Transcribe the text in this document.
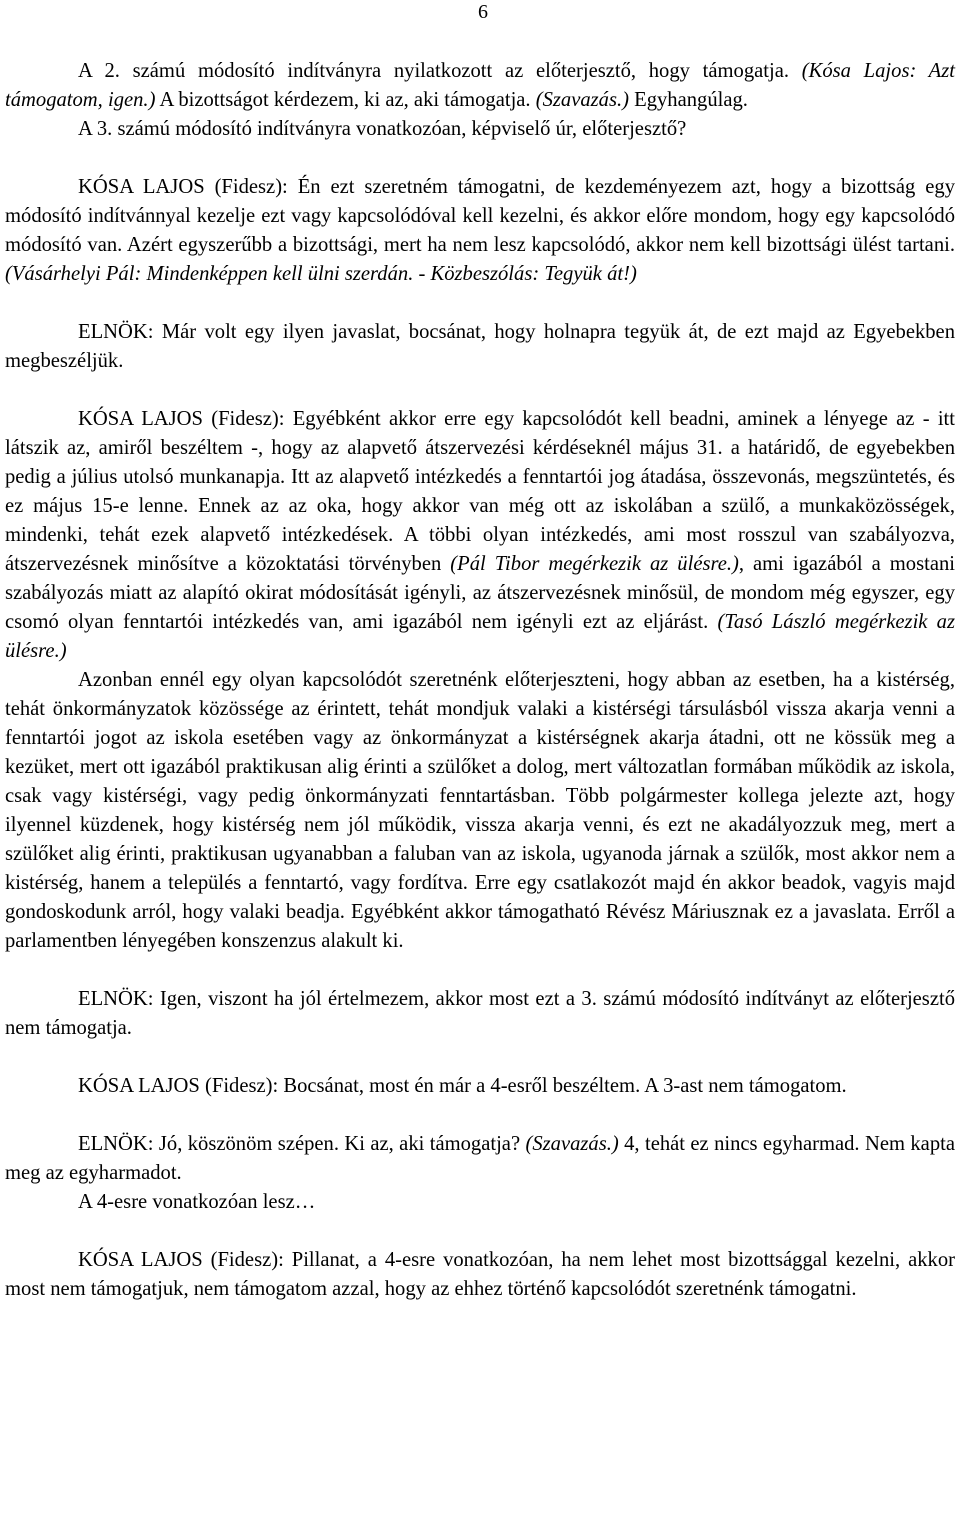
6

A 2. számú módosító indítványra nyilatkozott az előterjesztő, hogy támogatja. (Kósa Lajos: Azt támogatom, igen.) A bizottságot kérdezem, ki az, aki támogatja. (Szavazás.) Egyhangúlag.

A 3. számú módosító indítványra vonatkozóan, képviselő úr, előterjesztő?

KÓSA LAJOS (Fidesz): Én ezt szeretném támogatni, de kezdeményezem azt, hogy a bizottság egy módosító indítvánnyal kezelje ezt vagy kapcsolódóval kell kezelni, és akkor előre mondom, hogy egy kapcsolódó módosító van. Azért egyszerűbb a bizottsági, mert ha nem lesz kapcsolódó, akkor nem kell bizottsági ülést tartani. (Vásárhelyi Pál: Mindenképpen kell ülni szerdán. - Közbeszólás: Tegyük át!)

ELNÖK: Már volt egy ilyen javaslat, bocsánat, hogy holnapra tegyük át, de ezt majd az Egyebekben megbeszéljük.

KÓSA LAJOS (Fidesz): Egyébként akkor erre egy kapcsolódót kell beadni, aminek a lényege az - itt látszik az, amiről beszéltem -, hogy az alapvető átszervezési kérdéseknél május 31. a határidő, de egyebekben pedig a július utolsó munkanapja. Itt az alapvető intézkedés a fenntartói jog átadása, összevonás, megszüntetés, és ez május 15-e lenne. Ennek az az oka, hogy akkor van még ott az iskolában a szülő, a munkaközösségek, mindenki, tehát ezek alapvető intézkedések. A többi olyan intézkedés, ami most rosszul van szabályozva, átszervezésnek minősítve a közoktatási törvényben (Pál Tibor megérkezik az ülésre.), ami igazából a mostani szabályozás miatt az alapító okirat módosítását igényli, az átszervezésnek minősül, de mondom még egyszer, egy csomó olyan fenntartói intézkedés van, ami igazából nem igényli ezt az eljárást. (Tasó László megérkezik az ülésre.)

Azonban ennél egy olyan kapcsolódót szeretnénk előterjeszteni, hogy abban az esetben, ha a kistérség, tehát önkormányzatok közössége az érintett, tehát mondjuk valaki a kistérségi társulásból vissza akarja venni a fenntartói jogot az iskola esetében vagy az önkormányzat a kistérségnek akarja átadni, ott ne kössük meg a kezüket, mert ott igazából praktikusan alig érinti a szülőket a dolog, mert változatlan formában működik az iskola, csak vagy kistérségi, vagy pedig önkormányzati fenntartásban. Több polgármester kollega jelezte azt, hogy ilyennel küzdenek, hogy kistérség nem jól működik, vissza akarja venni, és ezt ne akadályozzuk meg, mert a szülőket alig érinti, praktikusan ugyanabban a faluban van az iskola, ugyanoda járnak a szülők, most akkor nem a kistérség, hanem a település a fenntartó, vagy fordítva. Erre egy csatlakozót majd én akkor beadok, vagyis majd gondoskodunk arról, hogy valaki beadja. Egyébként akkor támogatható Révész Máriusznak ez a javaslata. Erről a parlamentben lényegében konszenzus alakult ki.

ELNÖK: Igen, viszont ha jól értelmezem, akkor most ezt a 3. számú módosító indítványt az előterjesztő nem támogatja.

KÓSA LAJOS (Fidesz): Bocsánat, most én már a 4-esről beszéltem. A 3-ast nem támogatom.

ELNÖK: Jó, köszönöm szépen. Ki az, aki támogatja? (Szavazás.) 4, tehát ez nincs egyharmad. Nem kapta meg az egyharmadot.

A 4-esre vonatkozóan lesz…

KÓSA LAJOS (Fidesz): Pillanat, a 4-esre vonatkozóan, ha nem lehet most bizottsággal kezelni, akkor most nem támogatjuk, nem támogatom azzal, hogy az ehhez történő kapcsolódót szeretnénk támogatni.
